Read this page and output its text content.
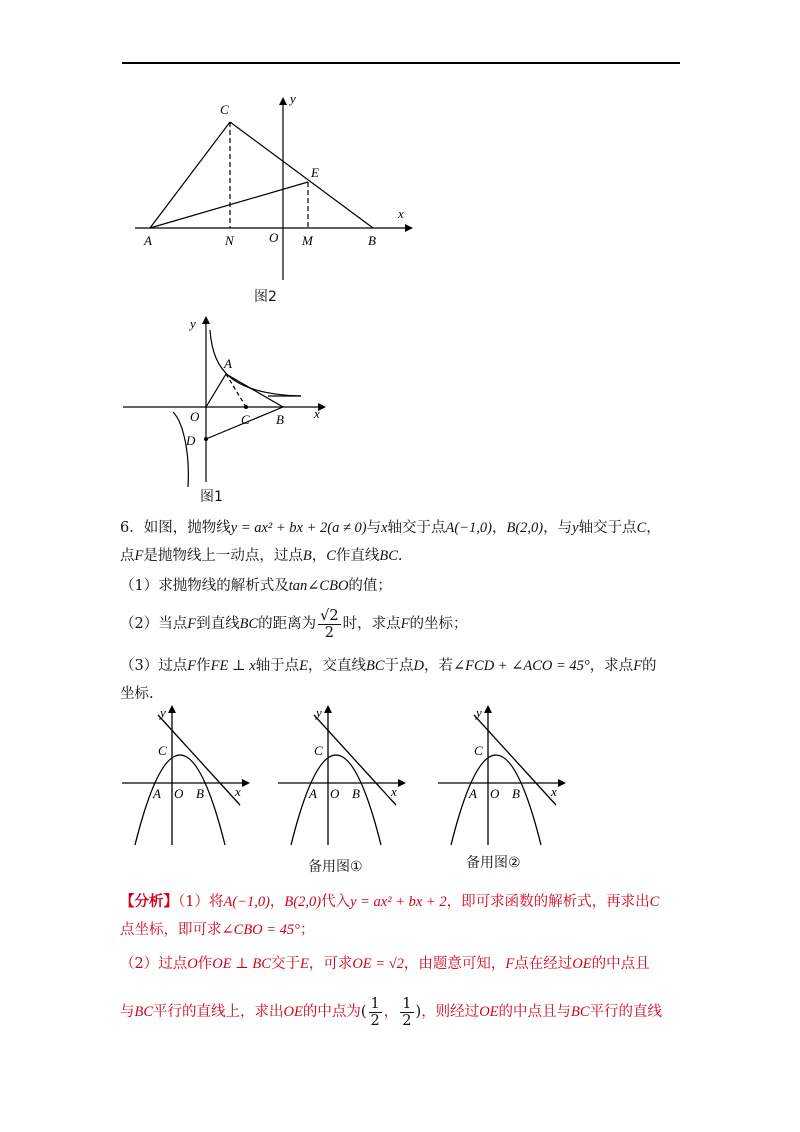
C
y
E
x
A	N	O M	B
图2
y
A
O	C B x
D
图1
6．如图，抛物线y = ax² + bx + 2(a ≠ 0)与x轴交于点A(−1,0)，B(2,0)，与y轴交于点C，
点F是抛物线上一动点，过点B，C作直线BC.
（1）求抛物线的解析式及tan∠CBO的值；
（2）当点F到直线BC的距离为 $\frac{√2}{2}$ 时，求点F的坐标；
（3）过点F作FE ⊥ x轴于点E，交直线BC于点D，若∠FCD + ∠ACO = 45°，求点F的
坐标.
y
C
A O B x
y
C
A O B x
备用图①
y
C
A O B x
备用图②
【分析】（1）将A(−1,0)，B(2,0)代入y = ax² + bx + 2，即可求函数的解析式，再求出C
点坐标，即可求∠CBO = 45°；
（2）过点O作OE ⊥ BC交于E，可求OE = √2，由题意可知，F点在经过OE的中点且
与BC平行的直线上，求出OE的中点为( $\frac{1}{2}$ ， $\frac{1}{2}$ )，则经过OE的中点且与BC平行的直线
